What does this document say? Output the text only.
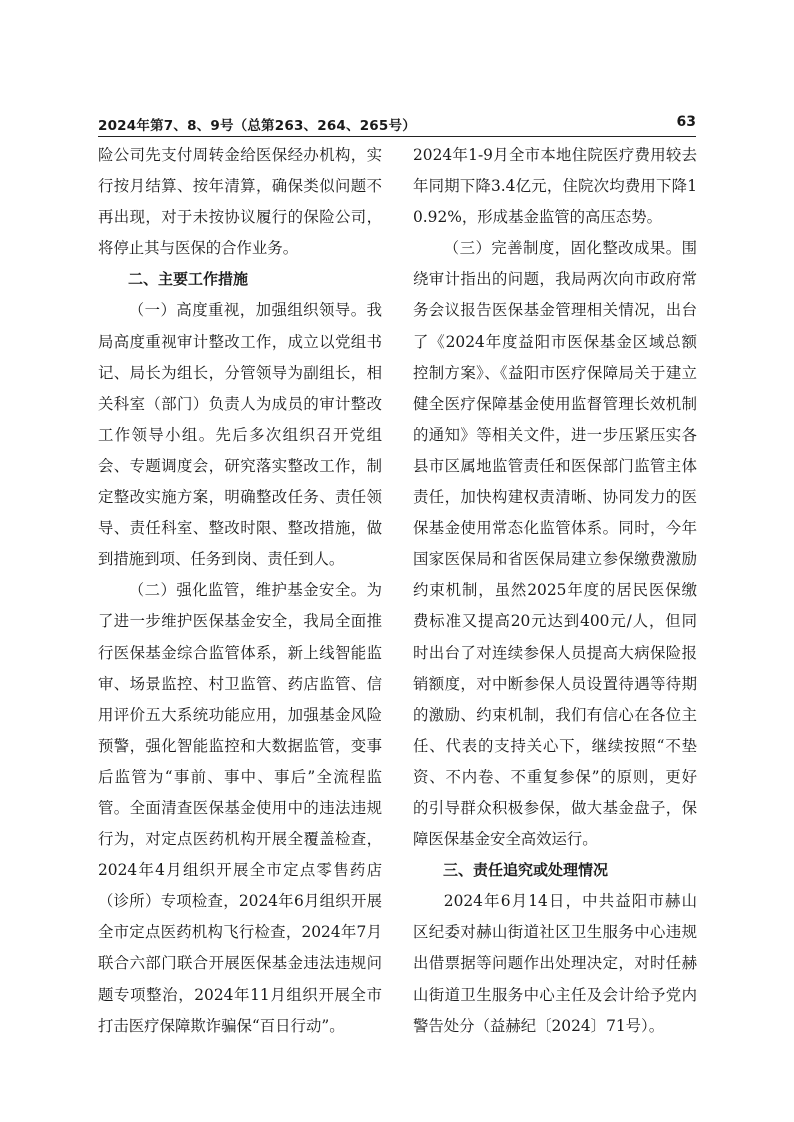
2024年第7、8、9号（总第263、264、265号）	63

险公司先支付周转金给医保经办机构，实行按月结算、按年清算，确保类似问题不再出现，对于未按协议履行的保险公司，将停止其与医保的合作业务。

二、主要工作措施

（一）高度重视，加强组织领导。我局高度重视审计整改工作，成立以党组书记、局长为组长，分管领导为副组长，相关科室（部门）负责人为成员的审计整改工作领导小组。先后多次组织召开党组会、专题调度会，研究落实整改工作，制定整改实施方案，明确整改任务、责任领导、责任科室、整改时限、整改措施，做到措施到项、任务到岗、责任到人。

（二）强化监管，维护基金安全。为了进一步维护医保基金安全，我局全面推行医保基金综合监管体系，新上线智能监审、场景监控、村卫监管、药店监管、信用评价五大系统功能应用，加强基金风险预警，强化智能监控和大数据监管，变事后监管为“事前、事中、事后”全流程监管。全面清查医保基金使用中的违法违规行为，对定点医药机构开展全覆盖检查，2024年4月组织开展全市定点零售药店（诊所）专项检查，2024年6月组织开展全市定点医药机构飞行检查，2024年7月联合六部门联合开展医保基金违法违规问题专项整治，2024年11月组织开展全市打击医疗保障欺诈骗保“百日行动”。

2024年1-9月全市本地住院医疗费用较去年同期下降3.4亿元，住院次均费用下降10.92%，形成基金监管的高压态势。

（三）完善制度，固化整改成果。围绕审计指出的问题，我局两次向市政府常务会议报告医保基金管理相关情况，出台了《2024年度益阳市医保基金区域总额控制方案》、《益阳市医疗保障局关于建立健全医疗保障基金使用监督管理长效机制的通知》等相关文件，进一步压紧压实各县市区属地监管责任和医保部门监管主体责任，加快构建权责清晰、协同发力的医保基金使用常态化监管体系。同时，今年国家医保局和省医保局建立参保缴费激励约束机制，虽然2025年度的居民医保缴费标准又提高20元达到400元/人，但同时出台了对连续参保人员提高大病保险报销额度，对中断参保人员设置待遇等待期的激励、约束机制，我们有信心在各位主任、代表的支持关心下，继续按照“不垫资、不内卷、不重复参保”的原则，更好的引导群众积极参保，做大基金盘子，保障医保基金安全高效运行。

三、责任追究或处理情况

2024年6月14日，中共益阳市赫山区纪委对赫山街道社区卫生服务中心违规出借票据等问题作出处理决定，对时任赫山街道卫生服务中心主任及会计给予党内警告处分（益赫纪〔2024〕71号）。
